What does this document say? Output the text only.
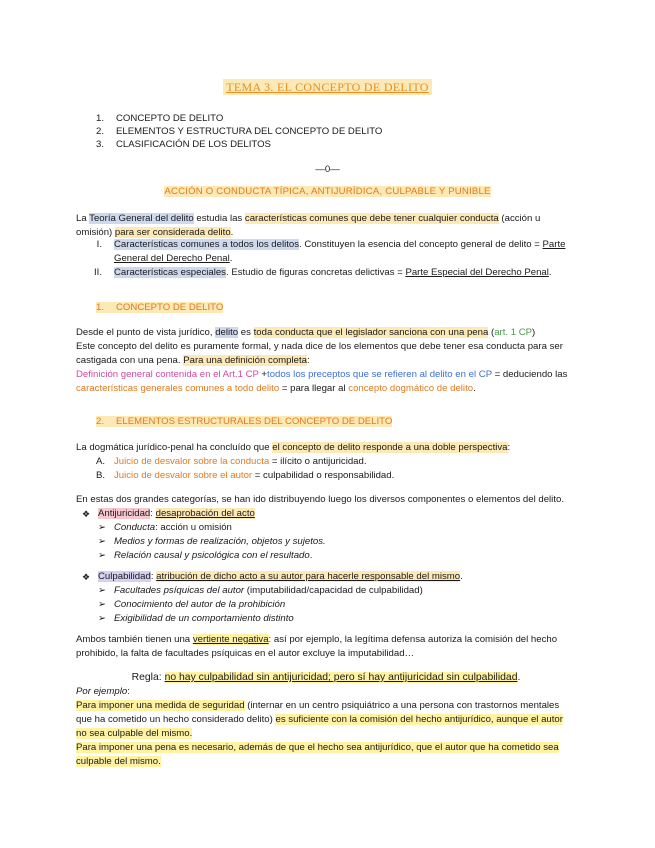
TEMA 3. EL CONCEPTO DE DELITO
1. CONCEPTO DE DELITO
2. ELEMENTOS Y ESTRUCTURA DEL CONCEPTO DE DELITO
3. CLASIFICACIÓN DE LOS DELITOS
—0—
ACCIÓN O CONDUCTA TÍPICA, ANTIJURÍDICA, CULPABLE Y PUNIBLE
La Teoría General del delito estudia las características comunes que debe tener cualquier conducta (acción u omisión) para ser considerada delito.
I. Características comunes a todos los delitos. Constituyen la esencia del concepto general de delito = Parte General del Derecho Penal.
II. Características especiales. Estudio de figuras concretas delictivas = Parte Especial del Derecho Penal.
1. CONCEPTO DE DELITO
Desde el punto de vista jurídico, delito es toda conducta que el legislador sanciona con una pena (art. 1 CP)
Este concepto del delito es puramente formal, y nada dice de los elementos que debe tener esa conducta para ser castigada con una pena. Para una definición completa:
Definición general contenida en el Art.1 CP +todos los preceptos que se refieren al delito en el CP = deduciendo las características generales comunes a todo delito = para llegar al concepto dogmático de delito.
2. ELEMENTOS ESTRUCTURALES DEL CONCEPTO DE DELITO
La dogmática jurídico-penal ha concluído que el concepto de delito responde a una doble perspectiva:
A. Juicio de desvalor sobre la conducta = ilícito o antijuricidad.
B. Juicio de desvalor sobre el autor = culpabilidad o responsabilidad.
En estas dos grandes categorías, se han ido distribuyendo luego los diversos componentes o elementos del delito.
❖ Antijuricidad: desaprobación del acto
➢ Conducta: acción u omisión
➢ Medios y formas de realización, objetos y sujetos.
➢ Relación causal y psicológica con el resultado.
❖ Culpabilidad: atribución de dicho acto a su autor para hacerle responsable del mismo.
➢ Facultades psíquicas del autor (imputabilidad/capacidad de culpabilidad)
➢ Conocimiento del autor de la prohibición
➢ Exigibilidad de un comportamiento distinto
Ambos también tienen una vertiente negativa: así por ejemplo, la legítima defensa autoriza la comisión del hecho prohibido, la falta de facultades psíquicas en el autor excluye la imputabilidad…
Regla: no hay culpabilidad sin antijuricidad; pero sí hay antijuricidad sin culpabilidad.
Por ejemplo:
Para imponer una medida de seguridad (internar en un centro psiquiátrico a una persona con trastornos mentales que ha cometido un hecho considerado delito) es suficiente con la comisión del hecho antijurídico, aunque el autor no sea culpable del mismo.
Para imponer una pena es necesario, además de que el hecho sea antijurídico, que el autor que ha cometido sea culpable del mismo.
